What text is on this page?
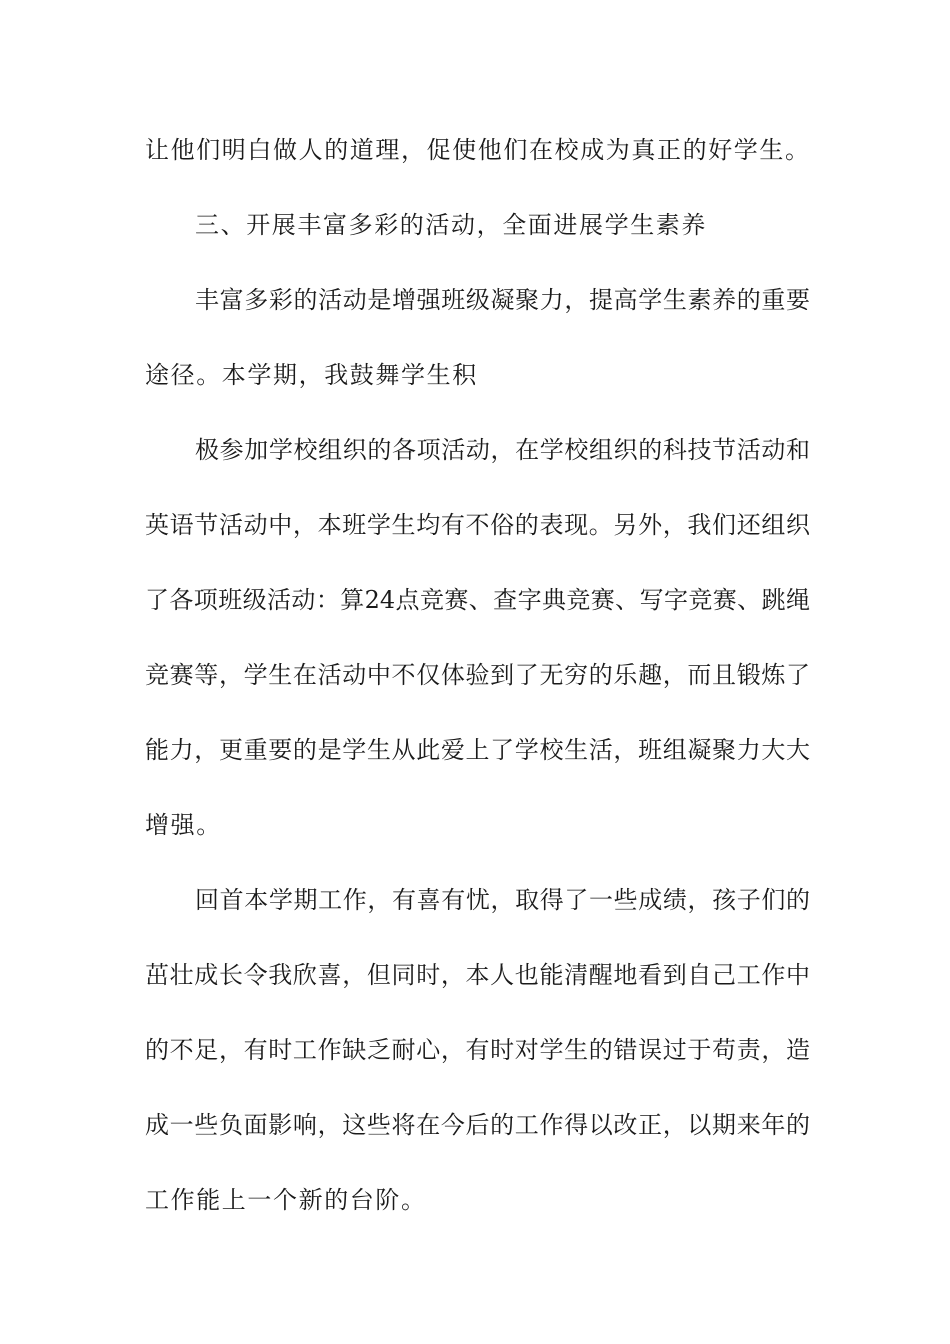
让他们明白做人的道理，促使他们在校成为真正的好学生。
三、开展丰富多彩的活动，全面进展学生素养
丰富多彩的活动是增强班级凝聚力，提高学生素养的重要
途径。本学期，我鼓舞学生积
极参加学校组织的各项活动，在学校组织的科技节活动和
英语节活动中，本班学生均有不俗的表现。另外，我们还组织
了各项班级活动：算24点竞赛、查字典竞赛、写字竞赛、跳绳
竞赛等，学生在活动中不仅体验到了无穷的乐趣，而且锻炼了
能力，更重要的是学生从此爱上了学校生活，班组凝聚力大大
增强。
回首本学期工作，有喜有忧，取得了一些成绩，孩子们的
茁壮成长令我欣喜，但同时，本人也能清醒地看到自己工作中
的不足，有时工作缺乏耐心，有时对学生的错误过于苟责，造
成一些负面影响，这些将在今后的工作得以改正，以期来年的
工作能上一个新的台阶。
